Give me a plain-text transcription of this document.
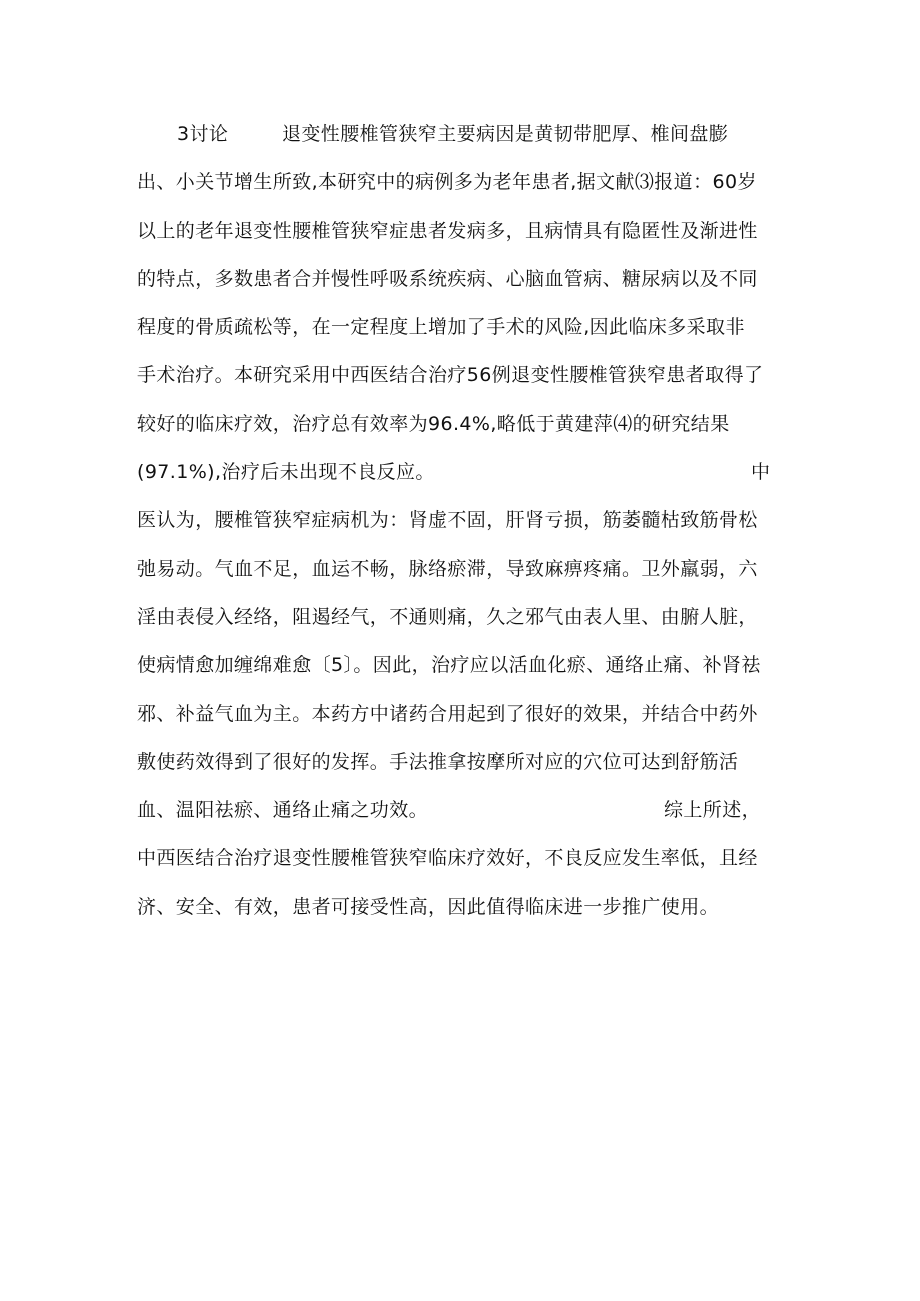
3讨论	退变性腰椎管狭窄主要病因是黄韧带肥厚、椎间盘膨
出、小关节增生所致,本研究中的病例多为老年患者,据文献⑶报道：60岁
以上的老年退变性腰椎管狭窄症患者发病多，且病情具有隐匿性及渐进性
的特点，多数患者合并慢性呼吸系统疾病、心脑血管病、糖尿病以及不同
程度的骨质疏松等，在一定程度上增加了手术的风险,因此临床多采取非
手术治疗。本研究采用中西医结合治疗56例退变性腰椎管狭窄患者取得了
较好的临床疗效，治疗总有效率为96.4%,略低于黄建萍⑷的研究结果
(97.1%),治疗后未出现不良反应。	中
医认为，腰椎管狭窄症病机为：肾虚不固，肝肾亏损，筋萎髓枯致筋骨松
弛易动。气血不足，血运不畅，脉络瘀滞，导致麻痹疼痛。卫外羸弱，六
淫由表侵入经络，阻遏经气，不通则痛，久之邪气由表人里、由腑人脏，
使病情愈加缠绵难愈〔5〕。因此，治疗应以活血化瘀、通络止痛、补肾祛
邪、补益气血为主。本药方中诸药合用起到了很好的效果，并结合中药外
敷使药效得到了很好的发挥。手法推拿按摩所对应的穴位可达到舒筋活
血、温阳祛瘀、通络止痛之功效。	综上所述，
中西医结合治疗退变性腰椎管狭窄临床疗效好，不良反应发生率低，且经
济、安全、有效，患者可接受性高，因此值得临床进一步推广使用。
